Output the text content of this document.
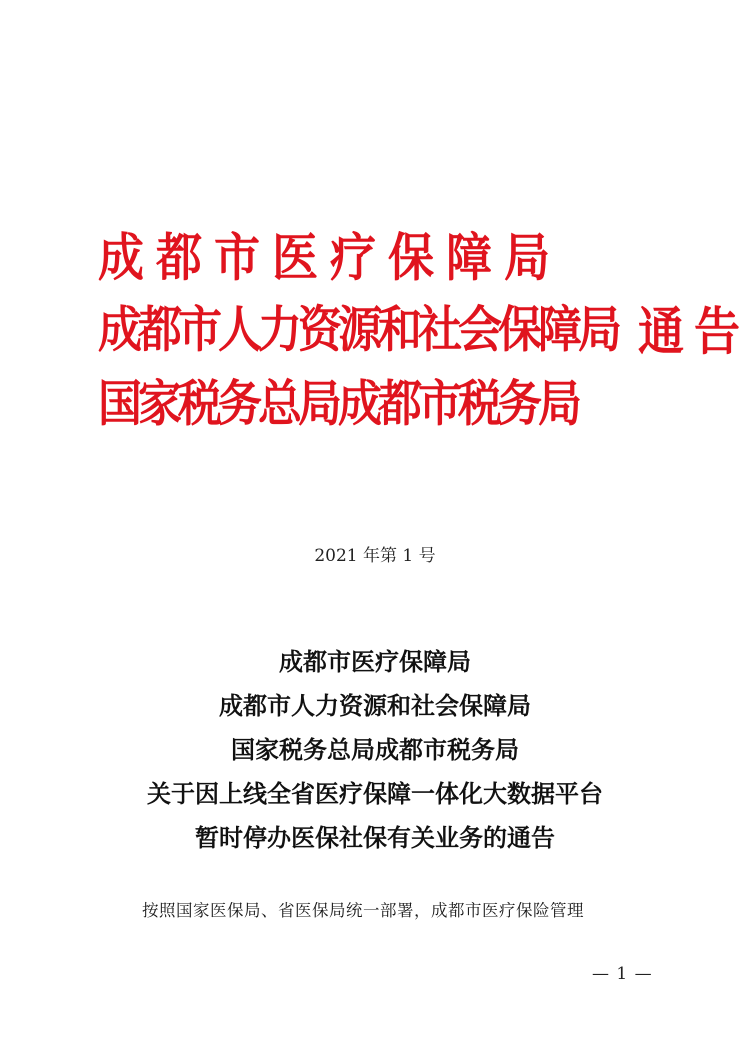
成都市医疗保障局
成都市人力资源和社会保障局 通告
国家税务总局成都市税务局
2021 年第 1 号
成都市医疗保障局
成都市人力资源和社会保障局
国家税务总局成都市税务局
关于因上线全省医疗保障一体化大数据平台
暂时停办医保社保有关业务的通告
按照国家医保局、省医保局统一部署，成都市医疗保险管理
— 1 —
